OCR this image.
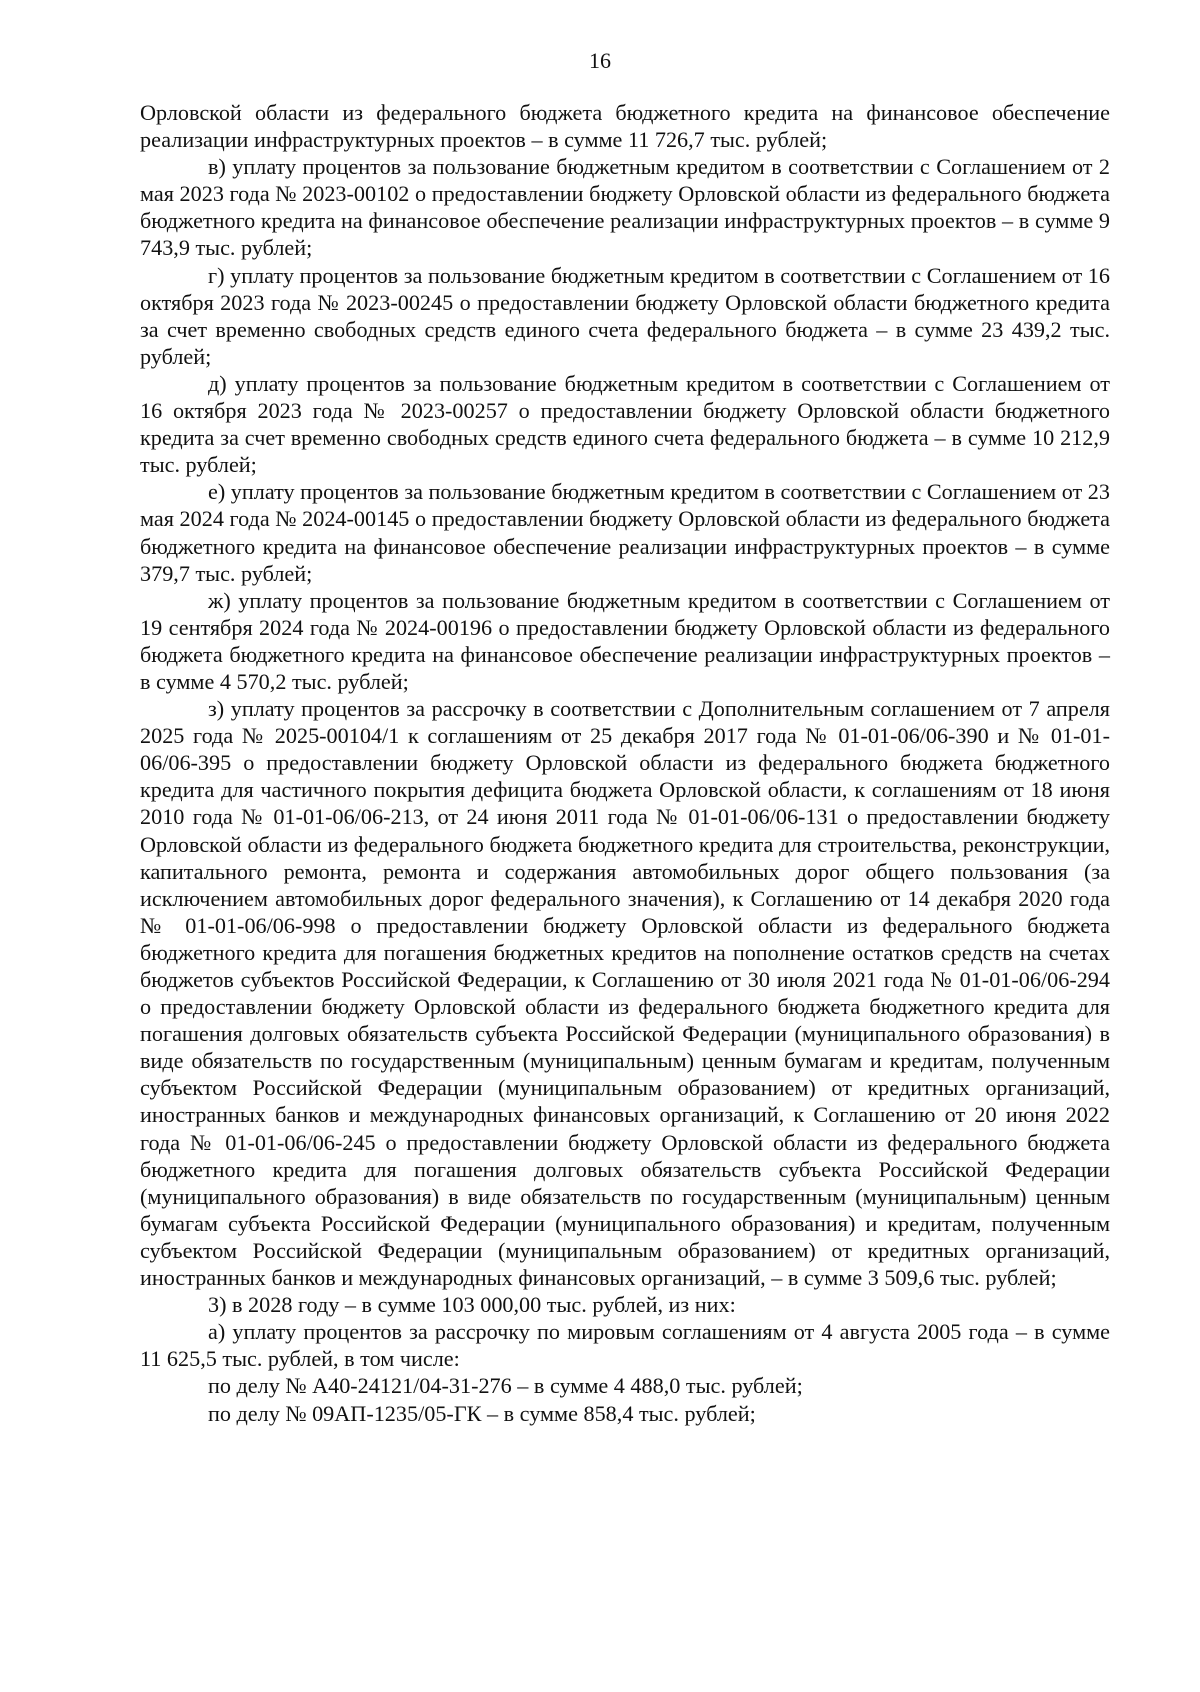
16

Орловской области из федерального бюджета бюджетного кредита на финансовое обеспечение реализации инфраструктурных проектов – в сумме 11 726,7 тыс. рублей;

в) уплату процентов за пользование бюджетным кредитом в соответствии с Соглашением от 2 мая 2023 года № 2023-00102 о предоставлении бюджету Орловской области из федерального бюджета бюджетного кредита на финансовое обеспечение реализации инфраструктурных проектов – в сумме 9 743,9 тыс. рублей;

г) уплату процентов за пользование бюджетным кредитом в соответствии с Соглашением от 16 октября 2023 года № 2023-00245 о предоставлении бюджету Орловской области бюджетного кредита за счет временно свободных средств единого счета федерального бюджета – в сумме 23 439,2 тыс. рублей;

д) уплату процентов за пользование бюджетным кредитом в соответствии с Соглашением от 16 октября 2023 года № 2023-00257 о предоставлении бюджету Орловской области бюджетного кредита за счет временно свободных средств единого счета федерального бюджета – в сумме 10 212,9 тыс. рублей;

е) уплату процентов за пользование бюджетным кредитом в соответствии с Соглашением от 23 мая 2024 года № 2024-00145 о предоставлении бюджету Орловской области из федерального бюджета бюджетного кредита на финансовое обеспечение реализации инфраструктурных проектов – в сумме 379,7 тыс. рублей;

ж) уплату процентов за пользование бюджетным кредитом в соответствии с Соглашением от 19 сентября 2024 года № 2024-00196 о предоставлении бюджету Орловской области из федерального бюджета бюджетного кредита на финансовое обеспечение реализации инфраструктурных проектов – в сумме 4 570,2 тыс. рублей;

з) уплату процентов за рассрочку в соответствии с Дополнительным соглашением от 7 апреля 2025 года № 2025-00104/1 к соглашениям от 25 декабря 2017 года № 01-01-06/06-390 и № 01-01-06/06-395 о предоставлении бюджету Орловской области из федерального бюджета бюджетного кредита для частичного покрытия дефицита бюджета Орловской области, к соглашениям от 18 июня 2010 года № 01-01-06/06-213, от 24 июня 2011 года № 01-01-06/06-131 о предоставлении бюджету Орловской области из федерального бюджета бюджетного кредита для строительства, реконструкции, капитального ремонта, ремонта и содержания автомобильных дорог общего пользования (за исключением автомобильных дорог федерального значения), к Соглашению от 14 декабря 2020 года № 01-01-06/06-998 о предоставлении бюджету Орловской области из федерального бюджета бюджетного кредита для погашения бюджетных кредитов на пополнение остатков средств на счетах бюджетов субъектов Российской Федерации, к Соглашению от 30 июля 2021 года № 01-01-06/06-294 о предоставлении бюджету Орловской области из федерального бюджета бюджетного кредита для погашения долговых обязательств субъекта Российской Федерации (муниципального образования) в виде обязательств по государственным (муниципальным) ценным бумагам и кредитам, полученным субъектом Российской Федерации (муниципальным образованием) от кредитных организаций, иностранных банков и международных финансовых организаций, к Соглашению от 20 июня 2022 года № 01-01-06/06-245 о предоставлении бюджету Орловской области из федерального бюджета бюджетного кредита для погашения долговых обязательств субъекта Российской Федерации (муниципального образования) в виде обязательств по государственным (муниципальным) ценным бумагам субъекта Российской Федерации (муниципального образования) и кредитам, полученным субъектом Российской Федерации (муниципальным образованием) от кредитных организаций, иностранных банков и международных финансовых организаций, – в сумме 3 509,6 тыс. рублей;

3) в 2028 году – в сумме 103 000,00 тыс. рублей, из них:

а) уплату процентов за рассрочку по мировым соглашениям от 4 августа 2005 года – в сумме 11 625,5 тыс. рублей, в том числе:

по делу № А40-24121/04-31-276 – в сумме 4 488,0 тыс. рублей;

по делу № 09АП-1235/05-ГК – в сумме 858,4 тыс. рублей;
